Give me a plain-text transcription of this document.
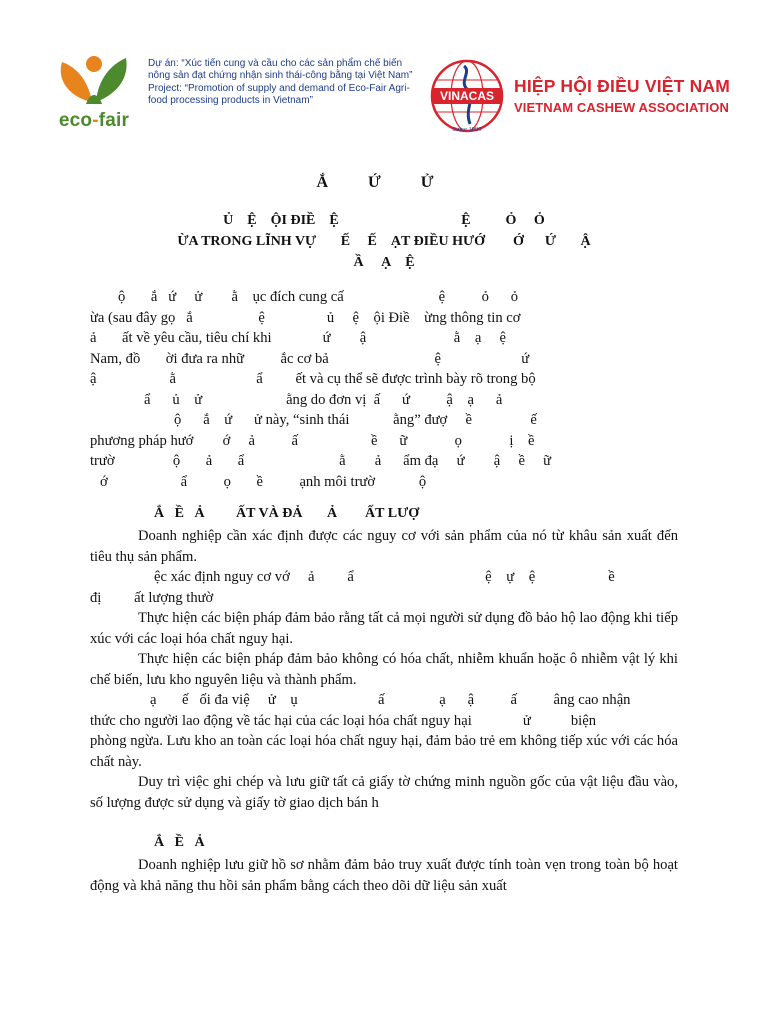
eco-fair
Dự án: “Xúc tiến cung và cầu cho các sản phẩm chế biến nông sản đạt chứng nhận sinh thái-công bằng tại Việt Nam”
Project: “Promotion of supply and demand of Eco-Fair Agri-food processing products in Vietnam”	VINACAS
Since 1990
HIỆP HỘI ĐIỀU VIỆT NAM
VIETNAM CASHEW ASSOCIATION
Ắ Ứ Ử
Ủ    Ệ    ỘI ĐIỀ    Ệ                                   Ệ          Ỏ     Ỏ
ỪA TRONG LĨNH VỰ       Ế     Ế    ẠT ĐIỀU HƯỚ        Ớ      Ứ       Ậ
Ầ     Ạ    Ệ
ộ       ắ   ứ     ử        ằ    ục đích cung cấ                          ệ          ỏ      ỏ
ừa (sau đây gọ   ắ                  ệ                 ủ     ệ    ội Điề    ừng thông tin cơ
ả       ất về yêu cầu, tiêu chí khi              ứ        ậ                        ằ    ạ     ệ
Nam, đồ       ời đưa ra nhữ          ắc cơ bả                             ệ                      ứ
ậ                    ằ                      ẩ         ết và cụ thể sẽ được trình bày rõ trong bộ
ẩ      ủ    ử                       ằng do đơn vị  ấ      ứ          ậ    ạ      ả
ộ      ắ    ứ      ử này, “sinh thái            ằng” đượ     ề                ế
phương pháp hướ        ớ     ả          ấ                    ề      ữ             ọ             ị    ề
trườ                ộ       ả       ẩ                          ằ        ả      ẩm đạ     ứ        ậ     ề     ữ
ớ                    ẩ          ọ       ề          ạnh môi trườ            ộ
Ắ   Ề   Ả         ẤT VÀ ĐẢ       Ả        ẤT LƯỢ

Doanh nghiệp cần xác định được các nguy cơ với sản phẩm của nó từ khâu sản xuất đến tiêu thụ sản phẩm.

ệc xác định nguy cơ vớ     ả         ẩ                                    ệ    ự    ệ                    ề
đị         ất lượng thườ

Thực hiện các biện pháp đảm bảo rằng tất cả mọi người sử dụng đồ bảo hộ lao động khi tiếp xúc với các loại hóa chất nguy hại.

Thực hiện các biện pháp đảm bảo không có hóa chất, nhiễm khuẩn hoặc ô nhiễm vật lý khi chế biến, lưu kho nguyên liệu và thành phẩm.

ạ       ế   ối đa việ     ử    ụ                      ấ               ạ      ậ          ấ          âng cao nhận
thức cho người lao động về tác hại của các loại hóa chất nguy hại              ử           biện

phòng ngừa. Lưu kho an toàn các loại hóa chất nguy hại, đảm bảo trẻ em không tiếp xúc với các hóa chất này.

Duy trì việc ghi chép và lưu giữ tất cả giấy tờ chứng minh nguồn gốc của vật liệu đầu vào, số lượng được sử dụng và giấy tờ giao dịch bán h

Ắ   Ề   Ả

Doanh nghiệp lưu giữ hồ sơ nhằm đảm bảo truy xuất được tính toàn vẹn trong toàn bộ hoạt động và khả năng thu hồi sản phẩm bằng cách theo dõi dữ liệu sản xuất
